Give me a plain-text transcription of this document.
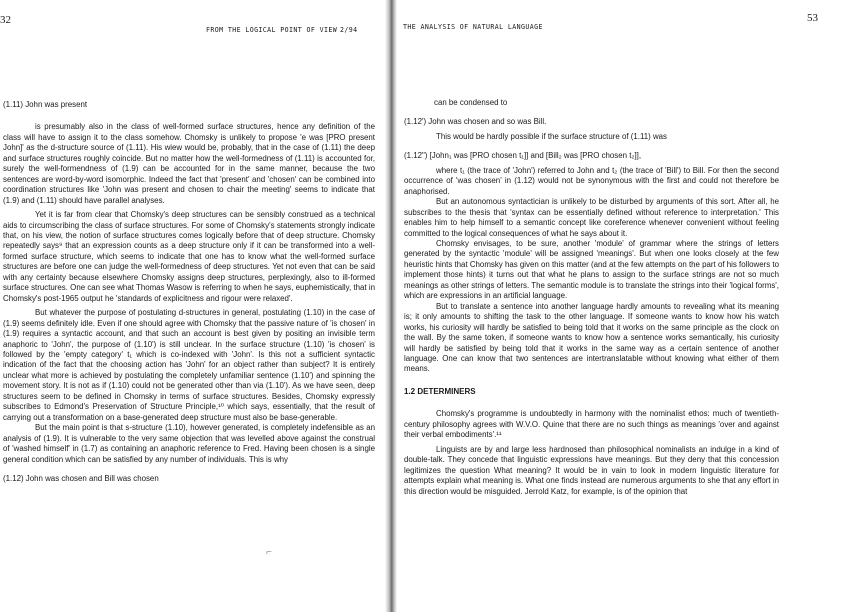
32
FROM THE LOGICAL POINT OF VIEW 2/94

(1.11) John was present

is presumably also in the class of well-formed surface structures, hence any definition of the class will have to assign it to the class somehow. Chomsky is unlikely to propose 'e was [PRO present John]' as the d-structure source of (1.11). His wiew would be, probably, that in the case of (1.11) the deep and surface structures roughly coincide. But no matter how the well-formedness of (1.11) is accounted for, surely the well-formendness of (1.9) can be accounted for in the same manner, because the two sentences are word-by-word isomorphic. Indeed the fact that 'present' and 'chosen' can be combined into coordination structures like 'John was present and chosen to chair the meeting' seems to indicate that (1.9) and (1.11) should have parallel analyses.

Yet it is far from clear that Chomsky's deep structures can be sensibly construed as a technical aids to circumscribing the class of surface structures. For some of Chomsky's statements strongly indicate that, on his view, the notion of surface structures comes logically before that of deep structure. Chomsky repeatedly says⁹ that an expression counts as a deep structure only if it can be transformed into a well-formed surface structure, which seems to indicate that one has to know what the well-formed surface structures are before one can judge the well-formedness of deep structures. Yet not even that can be said with any certainty because elsewhere Chomsky assigns deep structures, perplexingly, also to ill-formed surface structures. One can see what Thomas Wasow is referring to when he says, euphemistically, that in Chomsky's post-1965 output he 'standards of explicitness and rigour were relaxed'.

But whatever the purpose of postulating d-structures in general, postulating (1.10) in the case of (1.9) seems definitely idle. Even if one should agree with Chomsky that the passive nature of 'is chosen' in (1.9) requires a syntactic account, and that such an account is best given by positing an invisible term anaphoric to 'John', the purpose of (1.10') is still unclear. In the surface structure (1.10) 'is chosen' is followed by the 'empty category' t₁ which is co-indexed with 'John'. Is this not a sufficient syntactic indication of the fact that the choosing action has 'John' for an object rather than subject? It is entirely unclear what more is achieved by postulating the completely unfamiliar sentence (1.10') and spinning the movement story. It is not as if (1.10) could not be generated other than via (1.10'). As we have seen, deep structures seem to be defined in Chomsky in terms of surface structures. Besides, Chomsky expressly subscribes to Edmond's Preservation of Structure Principle,¹⁰ which says, essentially, that the result of carrying out a transformation on a base-generated deep structure must also be base-generable.

But the main point is that s-structure (1.10), however generated, is completely indefensible as an analysis of (1.9). It is vulnerable to the very same objection that was levelled above against the construal of 'washed himself' in (1.7) as containing an anaphoric reference to Fred. Having been chosen is a single general condition which can be satisfied by any number of individuals. This is why

(1.12) John was chosen and Bill was chosen

⌐
THE ANALYSIS OF NATURAL LANGUAGE
53

can be condensed to

(1.12') John was chosen and so was Bill.

This would be hardly possible if the surface structure of (1.11) was

(1.12") [John₁ was [PRO chosen t₁]] and [Bill₂ was [PRO chosen t₂]],

where t₁ (the trace of 'John') referred to John and t₂ (the trace of 'Bill') to Bill. For then the second occurrence of 'was chosen' in (1.12) would not be synonymous with the first and could not therefore be anaphorised.

But an autonomous syntactician is unlikely to be disturbed by arguments of this sort. After all, he subscribes to the thesis that 'syntax can be essentially defined without reference to interpretation.' This enables him to help himself to a semantic concept like coreference whenever convenient without feeling committed to the logical consequences of what he says about it.

Chomsky envisages, to be sure, another 'module' of grammar where the strings of letters generated by the syntactic 'module' will be assigned 'meanings'. But when one looks closely at the few heuristic hints that Chomsky has given on this matter (and at the few attempts on the part of his followers to implement those hints) it turns out that what he plans to assign to the surface strings are not so much meanings as other strings of letters. The semantic module is to translate the strings into their 'logical forms', which are expressions in an artificial language.

But to translate a sentence into another language hardly amounts to revealing what its meaning is; it only amounts to shifting the task to the other language. If someone wants to know how his watch works, his curiosity will hardly be satisfied to being told that it works on the same principle as the clock on the wall. By the same token, if someone wants to know how a sentence works semantically, his curiosity will hardly be satisfied by being told that it works in the same way as a certain sentence of another language. One can know that two sentences are intertranslatable without knowing what either of them means.

1.2 DETERMINERS

Chomsky's programme is undoubtedly in harmony with the nominalist ethos: much of twentieth-century philosophy agrees with W.V.O. Quine that there are no such things as meanings 'over and against their verbal embodiments'.¹¹

Linguists are by and large less hardnosed than philosophical nominalists an indulge in a kind of double-talk. They concede that linguistic expressions have meanings. But they deny that this concession legitimizes the question What meaning? It would be in vain to look in modern linguistic literature for attempts explain what meaning is. What one finds instead are numerous arguments to she that any effort in this direction would be misguided. Jerrold Katz, for example, is of the opinion that
